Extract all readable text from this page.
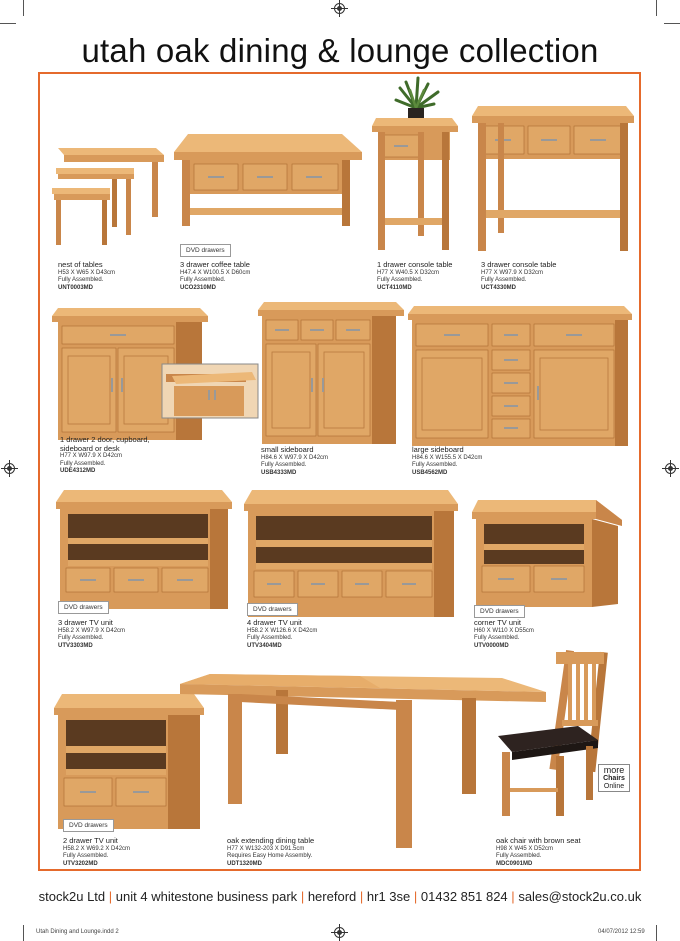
utah oak dining & lounge collection
DVD drawers
nest of tables
H53 X W65 X D43cm
Fully Assembled.
UNT0003MD
3 drawer coffee table
H47.4 X W100.5 X D60cm
Fully Assembled.
UCO2310MD
1 drawer console table
H77 X W40.5 X D32cm
Fully Assembled.
UCT4110MD
3 drawer console table
H77 X W97.9 X D32cm
Fully Assembled.
UCT4330MD
1 drawer 2 door, cupboard,
sideboard or desk
H77 X W97.9 X D42cm
Fully Assembled.
UDE4312MD
small sideboard
H84.6 X W97.9 X D42cm
Fully Assembled.
USB4333MD
large sideboard
H84.6 X W155.5 X D42cm
Fully Assembled.
USB4562MD
DVD drawers	DVD drawers	DVD drawers
3 drawer TV unit
H58.2 X W97.9 X D42cm
Fully Assembled.
UTV3303MD
4 drawer TV unit
H58.2 X W126.6 X D42cm
Fully Assembled.
UTV3404MD
corner TV unit
H60 X W110 X D55cm
Fully Assembled.
UTV0000MD
DVD drawers
more
Chairs
Online
2 drawer TV unit
H58.2 X W69.2 X D42cm
Fully Assembled.
UTV3202MD
oak extending dining table
H77 X W132-203 X D91.5cm
Requires Easy Home Assembly.
UDT1320MD
oak chair with brown seat
H98 X W45 X D52cm
Fully Assembled.
MDC0901MD
stock2u Ltd | unit 4 whitestone business park | hereford | hr1 3se | 01432 851 824 | sales@stock2u.co.uk
Utah Dining and Lounge.indd 2	04/07/2012 12:59
